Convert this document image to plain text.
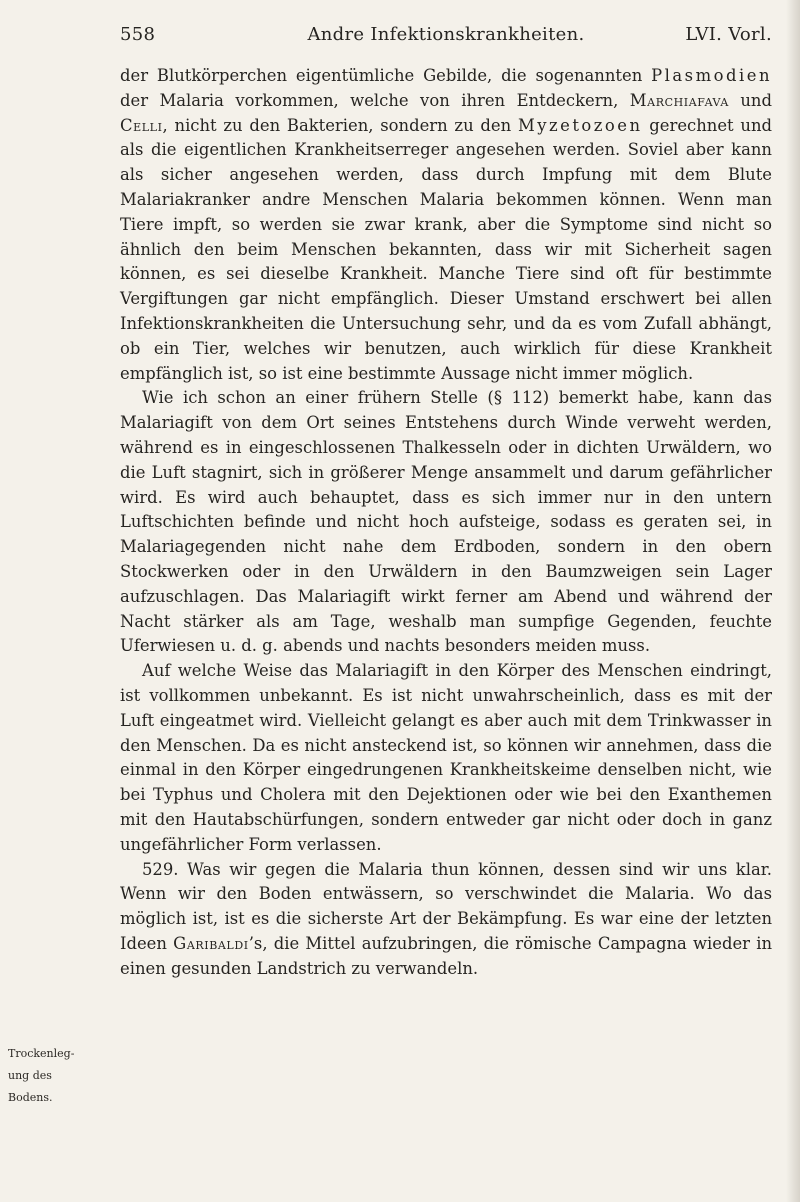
558	Andre Infektionskrankheiten.	LVI. Vorl.

der Blutkörperchen eigentümliche Gebilde, die sogenannten Plasmodien der Malaria vorkommen, welche von ihren Entdeckern, Marchiafava und Celli, nicht zu den Bakterien, sondern zu den Myzetozoen gerechnet und als die eigentlichen Krankheitserreger angesehen werden. Soviel aber kann als sicher angesehen werden, dass durch Impfung mit dem Blute Malariakranker andre Menschen Malaria bekommen können. Wenn man Tiere impft, so werden sie zwar krank, aber die Symptome sind nicht so ähnlich den beim Menschen bekannten, dass wir mit Sicherheit sagen können, es sei dieselbe Krankheit. Manche Tiere sind oft für bestimmte Vergiftungen gar nicht empfänglich. Dieser Umstand erschwert bei allen Infektionskrankheiten die Untersuchung sehr, und da es vom Zufall abhängt, ob ein Tier, welches wir benutzen, auch wirklich für diese Krankheit empfänglich ist, so ist eine bestimmte Aussage nicht immer möglich.

Wie ich schon an einer frühern Stelle (§ 112) bemerkt habe, kann das Malariagift von dem Ort seines Entstehens durch Winde verweht werden, während es in eingeschlossenen Thalkesseln oder in dichten Urwäldern, wo die Luft stagnirt, sich in größerer Menge ansammelt und darum gefährlicher wird. Es wird auch behauptet, dass es sich immer nur in den untern Luftschichten befinde und nicht hoch aufsteige, sodass es geraten sei, in Malariagegenden nicht nahe dem Erdboden, sondern in den obern Stockwerken oder in den Urwäldern in den Baumzweigen sein Lager aufzuschlagen. Das Malariagift wirkt ferner am Abend und während der Nacht stärker als am Tage, weshalb man sumpfige Gegenden, feuchte Uferwiesen u. d. g. abends und nachts besonders meiden muss.

Auf welche Weise das Malariagift in den Körper des Menschen eindringt, ist vollkommen unbekannt. Es ist nicht unwahrscheinlich, dass es mit der Luft eingeatmet wird. Vielleicht gelangt es aber auch mit dem Trinkwasser in den Menschen. Da es nicht ansteckend ist, so können wir annehmen, dass die einmal in den Körper eingedrungenen Krankheitskeime denselben nicht, wie bei Typhus und Cholera mit den Dejektionen oder wie bei den Exanthemen mit den Hautabschürfungen, sondern entweder gar nicht oder doch in ganz ungefährlicher Form verlassen.

529. Was wir gegen die Malaria thun können, dessen sind wir uns klar. Wenn wir den Boden entwässern, so verschwindet die Malaria. Wo das möglich ist, ist es die sicherste Art der Bekämpfung. Es war eine der letzten Ideen Garibaldi’s, die Mittel aufzubringen, die römische Campagna wieder in einen gesunden Landstrich zu verwandeln.

Trockenleg-
ung des
Bodens.
